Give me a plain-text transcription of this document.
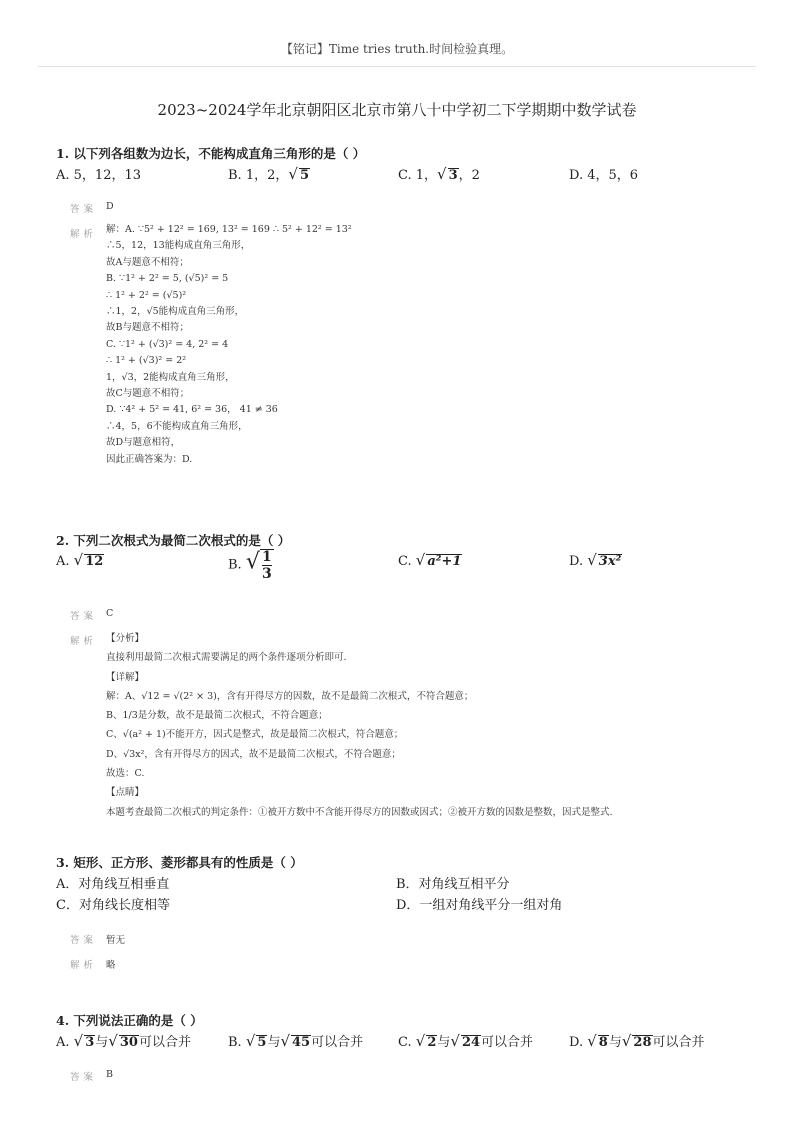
【铭记】Time tries truth.时间检验真理。
2023~2024学年北京朝阳区北京市第八十中学初二下学期期中数学试卷
1. 以下列各组数为边长，不能构成直角三角形的是（ ）
A. 5，12，13	B. 1，2，√ 5	C. 1，√ 3，2	D. 4，5，6
答案 D
解析 解：A. ∵5² + 12² = 169, 13² = 169 ∴ 5² + 12² = 13²
∴5，12，13能构成直角三角形，
故A与题意不相符；
B. ∵1² + 2² = 5, (√5)² = 5
∴ 1² + 2² = (√5)²
∴1，2，√5能构成直角三角形，
故B与题意不相符；
C. ∵1² + (√3)² = 4, 2² = 4
∴ 1² + (√3)² = 2²
1，√3，2能构成直角三角形，
故C与题意不相符；
D. ∵4² + 5² = 41, 6² = 36， 41 ≠ 36
∴4，5，6不能构成直角三角形，
故D与题意相符，
因此正确答案为：D.
2. 下列二次根式为最简二次根式的是（ ）
A. √ 12	B. √ $\frac{1}{3}$	C. √ a²+1	D. √ 3x²
答案 C
解析 【分析】
直接利用最简二次根式需要满足的两个条件逐项分析即可.
【详解】
解：A、√12 = √(2² × 3)，含有开得尽方的因数，故不是最简二次根式，不符合题意；
B、1/3是分数，故不是最简二次根式，不符合题意；
C、√(a² + 1)不能开方，因式是整式，故是最简二次根式，符合题意；
D、√3x²，含有开得尽方的因式，故不是最简二次根式，不符合题意；
故选：C.
【点睛】
本题考查最简二次根式的判定条件：①被开方数中不含能开得尽方的因数或因式；②被开方数的因数是整数，因式是整式.
3. 矩形、正方形、菱形都具有的性质是（ ）
A．对角线互相垂直	B．对角线互相平分
C．对角线长度相等	D．一组对角线平分一组对角
答案 暂无
解析 略
4. 下列说法正确的是（ ）
A. √ 3与√ 30可以合并	B. √ 5与√ 45可以合并	C. √ 2与√ 24可以合并	D. √ 8与√ 28可以合并
答案 B
